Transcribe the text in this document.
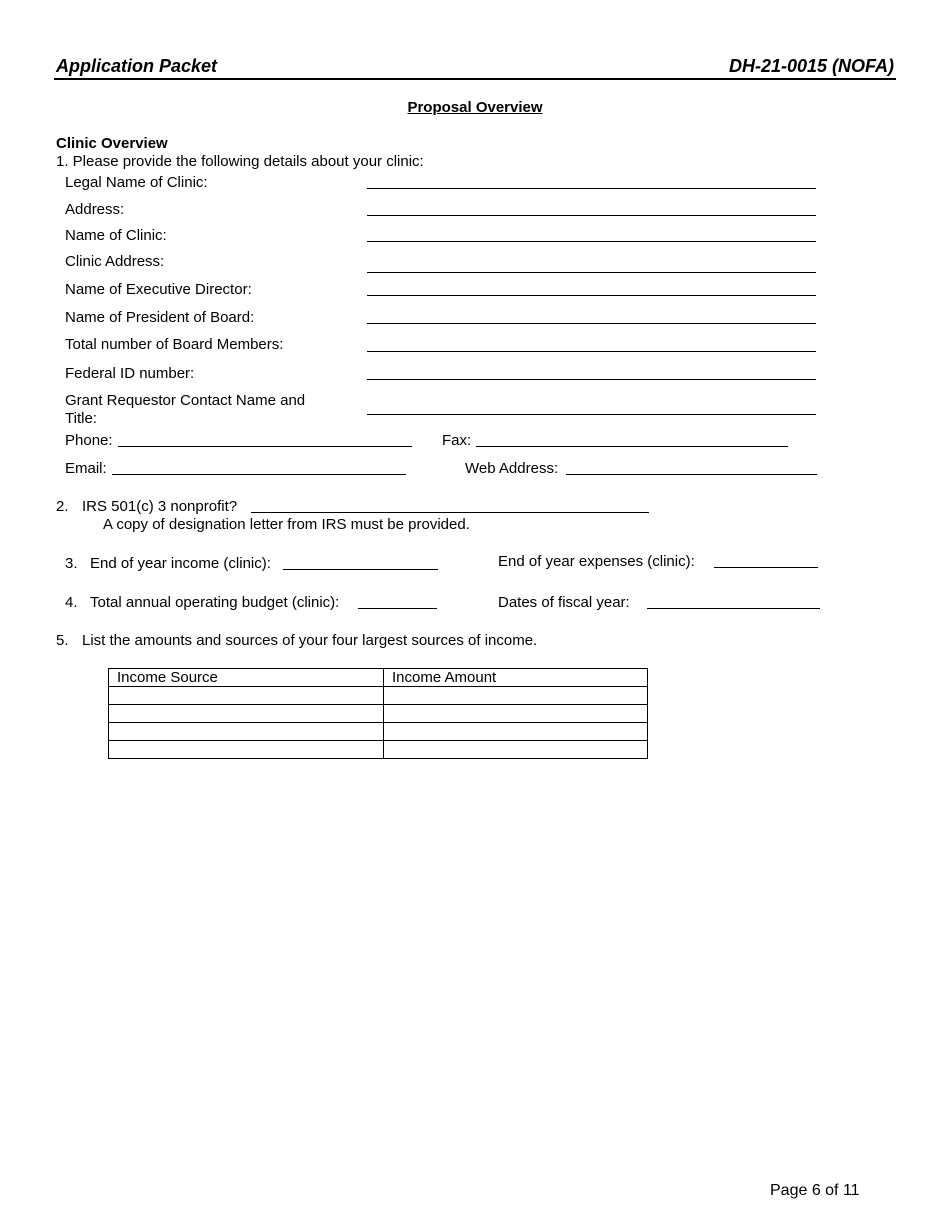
Application Packet	DH-21-0015 (NOFA)
Proposal Overview
Clinic Overview
1. Please provide the following details about your clinic:
Legal Name of Clinic:
Address:
Name of Clinic:
Clinic Address:
Name of Executive Director:
Name of President of Board:
Total number of Board Members:
Federal ID number:
Grant Requestor Contact Name and
Title:
Phone:	Fax:
Email:	Web Address:
2. IRS 501(c) 3 nonprofit?
A copy of designation letter from IRS must be provided.
3. End of year income (clinic):	End of year expenses (clinic):
4. Total annual operating budget (clinic):	Dates of fiscal year:
5. List the amounts and sources of your four largest sources of income.
Income Source	Income Amount

Page 6 of 11
